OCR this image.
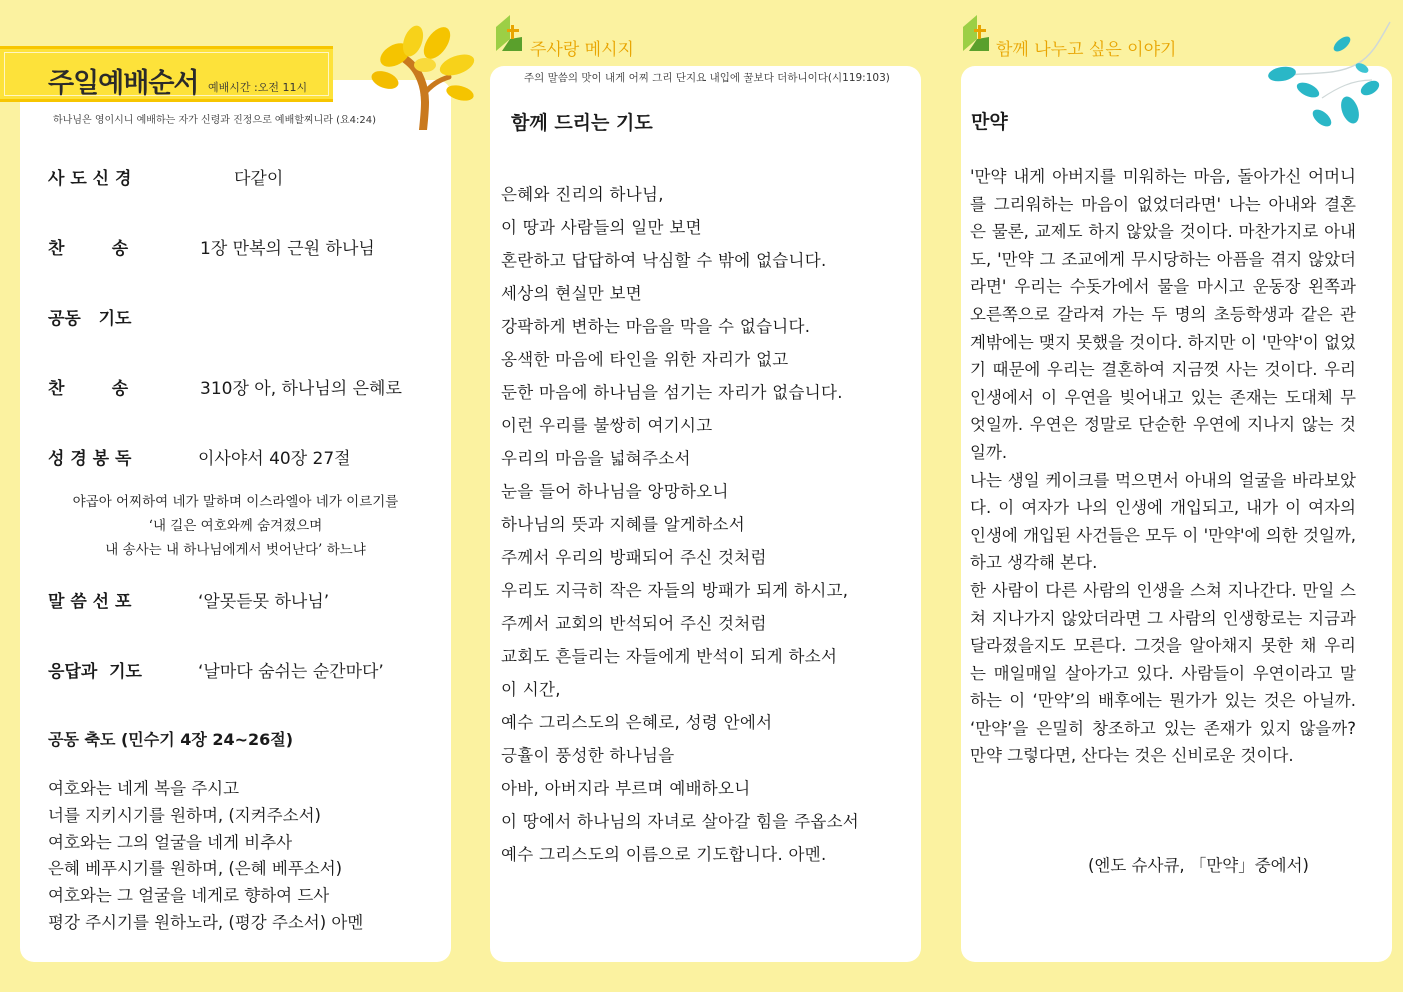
주일예배순서 예배시간 :오전 11시
하나님은 영이시니 예배하는 자가 신령과 진정으로 예배할찌니라 (요4:24)
사 도 신 경	다같이
찬        송	1장 만복의 근원 하나님
공동   기도
찬        송	310장 아, 하나님의 은혜로
성 경 봉 독	이사야서 40장 27절
야곱아 어찌하여 네가 말하며 이스라엘아 네가 이르기를
‘내 길은 여호와께 숨겨졌으며
내 송사는 내 하나님에게서 벗어난다’ 하느냐
말 씀 선 포	‘알못듣못 하나님’
응답과  기도	‘날마다 숨쉬는 순간마다’
공동 축도 (민수기 4장 24~26절)
여호와는 네게 복을 주시고
너를 지키시기를 원하며, (지켜주소서)
여호와는 그의 얼굴을 네게 비추사
은혜 베푸시기를 원하며, (은혜 베푸소서)
여호와는 그 얼굴을 네게로 향하여 드사
평강 주시기를 원하노라, (평강 주소서) 아멘
주사랑 메시지
주의 말씀의 맛이 내게 어찌 그리 단지요 내입에 꿀보다 더하니이다(시119:103)
함께 드리는 기도
은혜와 진리의 하나님,
이 땅과 사람들의 일만 보면
혼란하고 답답하여 낙심할 수 밖에 없습니다.
세상의 현실만 보면
강팍하게 변하는 마음을 막을 수 없습니다.
옹색한 마음에 타인을 위한 자리가 없고
둔한 마음에 하나님을 섬기는 자리가 없습니다.
이런 우리를 불쌍히 여기시고
우리의 마음을 넓혀주소서
눈을 들어 하나님을 앙망하오니
하나님의 뜻과 지혜를 알게하소서
주께서 우리의 방패되어 주신 것처럼
우리도 지극히 작은 자들의 방패가 되게 하시고,
주께서 교회의 반석되어 주신 것처럼
교회도 흔들리는 자들에게 반석이 되게 하소서
이 시간,
예수 그리스도의 은혜로, 성령 안에서
긍휼이 풍성한 하나님을
아바, 아버지라 부르며 예배하오니
이 땅에서 하나님의 자녀로 살아갈 힘을 주옵소서
예수 그리스도의 이름으로 기도합니다. 아멘.
함께 나누고 싶은 이야기
만약

'만약 내게 아버지를 미워하는 마음, 돌아가신 어머니를 그리워하는 마음이 없었더라면' 나는 아내와 결혼은 물론, 교제도 하지 않았을 것이다. 마찬가지로 아내도, '만약 그 조교에게 무시당하는 아픔을 겪지 않았더라면' 우리는 수돗가에서 물을 마시고 운동장 왼쪽과 오른쪽으로 갈라져 가는 두 명의 초등학생과 같은 관계밖에는 맺지 못했을 것이다. 하지만 이 '만약'이 없었기 때문에 우리는 결혼하여 지금껏 사는 것이다. 우리 인생에서 이 우연을 빚어내고 있는 존재는 도대체 무엇일까. 우연은 정말로 단순한 우연에 지나지 않는 것일까.

나는 생일 케이크를 먹으면서 아내의 얼굴을 바라보았다. 이 여자가 나의 인생에 개입되고, 내가 이 여자의 인생에 개입된 사건들은 모두 이 '만약'에 의한 것일까, 하고 생각해 본다.

한 사람이 다른 사람의 인생을 스쳐 지나간다. 만일 스쳐 지나가지 않았더라면 그 사람의 인생항로는 지금과 달라졌을지도 모른다. 그것을 알아채지 못한 채 우리는 매일매일 살아가고 있다. 사람들이 우연이라고 말하는 이 ‘만약’의 배후에는 뭔가가 있는 것은 아닐까. ‘만약’을 은밀히 창조하고 있는 존재가 있지 않을까? 만약 그렇다면, 산다는 것은 신비로운 것이다.

(엔도 슈사큐, 「만약」중에서)
